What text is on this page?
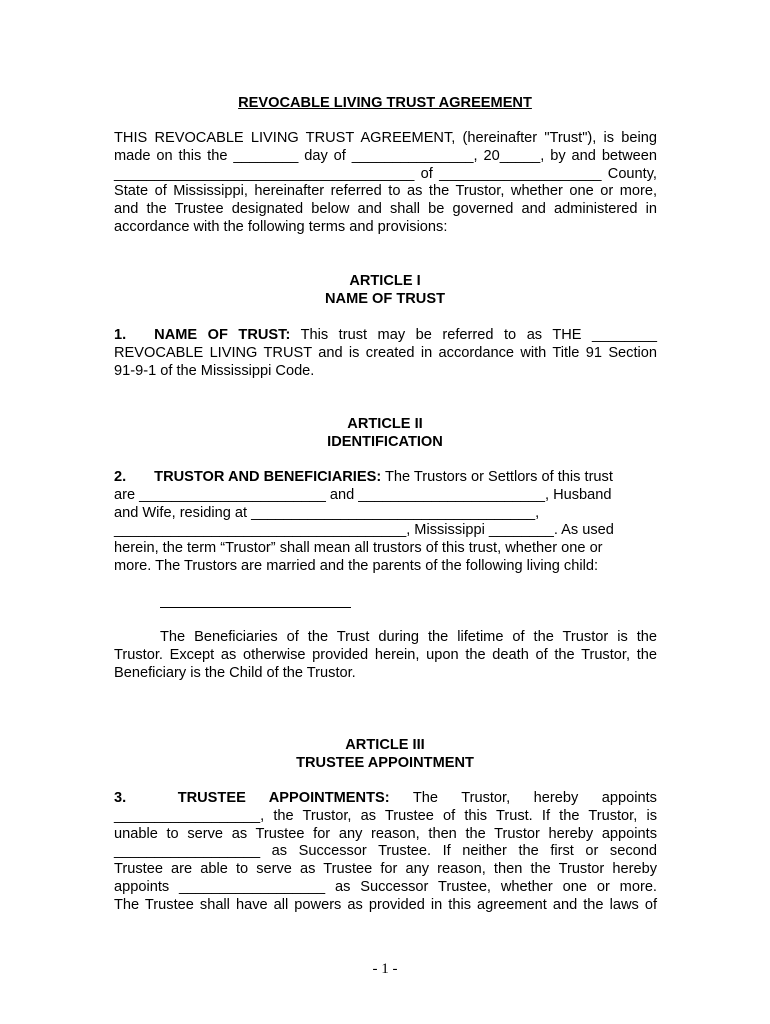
REVOCABLE LIVING TRUST AGREEMENT
THIS REVOCABLE LIVING TRUST AGREEMENT, (hereinafter "Trust"), is being
made on this the ________ day of _______________, 20_____, by and between
_____________________________________ of ____________________ County,
State of Mississippi, hereinafter referred to as the Trustor, whether one or more,
and the Trustee designated below and shall be governed and administered in
accordance with the following terms and provisions:
ARTICLE I
NAME OF TRUST
1. NAME OF TRUST: This trust may be referred to as THE ________
REVOCABLE LIVING TRUST and is created in accordance with Title 91 Section
91-9-1 of the Mississippi Code.
ARTICLE II
IDENTIFICATION
2. TRUSTOR AND BENEFICIARIES: The Trustors or Settlors of this trust
are _______________________ and _______________________, Husband
and Wife, residing at ___________________________________,
____________________________________, Mississippi ________. As used
herein, the term “Trustor” shall mean all trustors of this trust, whether one or
more. The Trustors are married and the parents of the following living child:
The Beneficiaries of the Trust during the lifetime of the Trustor is the
Trustor. Except as otherwise provided herein, upon the death of the Trustor, the
Beneficiary is the Child of the Trustor.
ARTICLE III
TRUSTEE APPOINTMENT
3.	TRUSTEE APPOINTMENTS: The Trustor, hereby appoints
__________________, the Trustor, as Trustee of this Trust. If the Trustor, is
unable to serve as Trustee for any reason, then the Trustor hereby appoints
__________________ as Successor Trustee. If neither the first or second
Trustee are able to serve as Trustee for any reason, then the Trustor hereby
appoints __________________ as Successor Trustee, whether one or more.
The Trustee shall have all powers as provided in this agreement and the laws of
- 1 -
